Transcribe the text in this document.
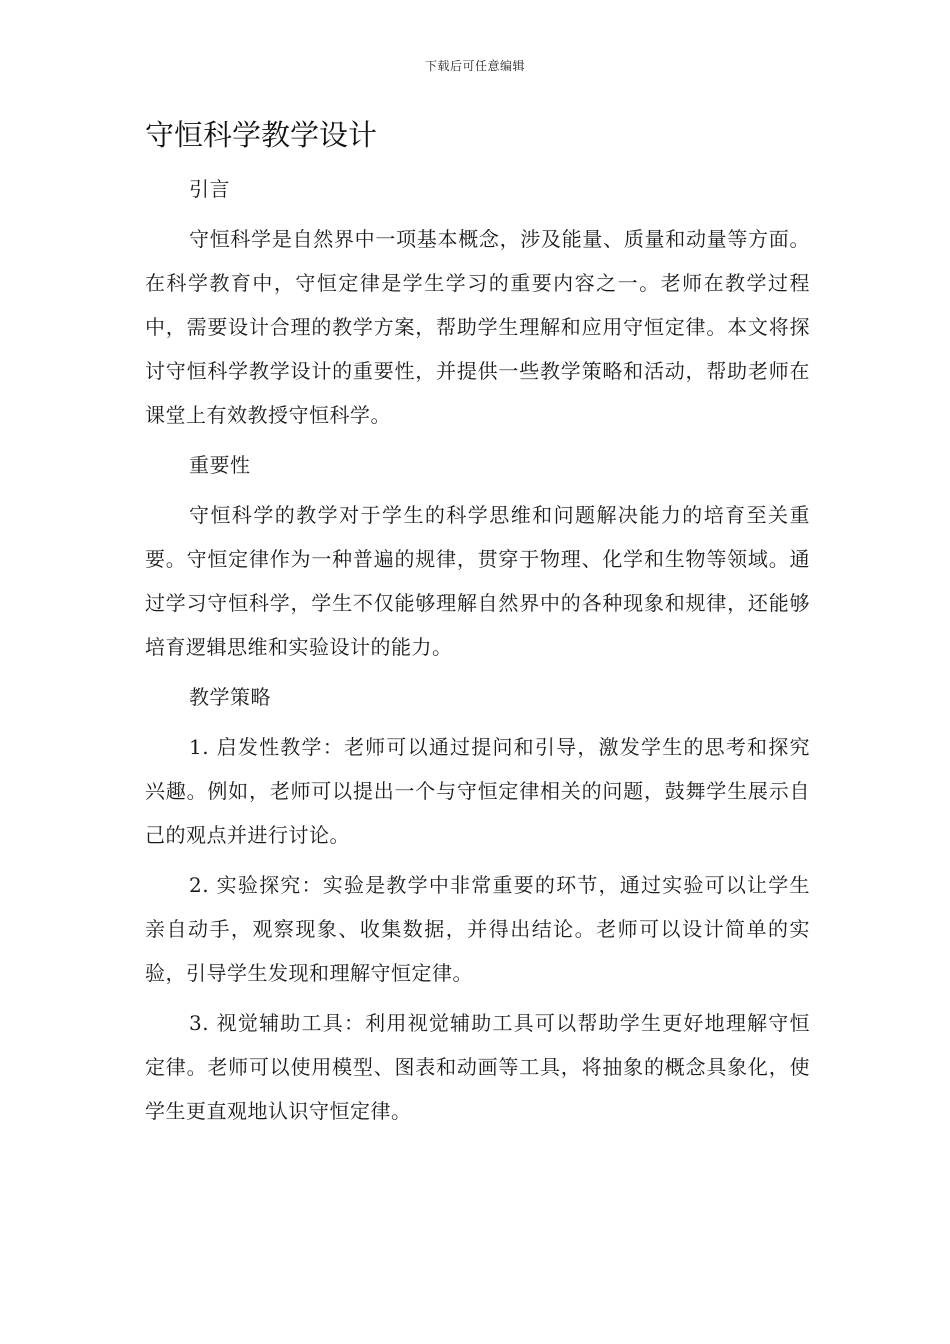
下载后可任意编辑
守恒科学教学设计

引言

守恒科学是自然界中一项基本概念，涉及能量、质量和动量等方面。在科学教育中，守恒定律是学生学习的重要内容之一。老师在教学过程中，需要设计合理的教学方案，帮助学生理解和应用守恒定律。本文将探讨守恒科学教学设计的重要性，并提供一些教学策略和活动，帮助老师在课堂上有效教授守恒科学。

重要性

守恒科学的教学对于学生的科学思维和问题解决能力的培育至关重要。守恒定律作为一种普遍的规律，贯穿于物理、化学和生物等领域。通过学习守恒科学，学生不仅能够理解自然界中的各种现象和规律，还能够培育逻辑思维和实验设计的能力。

教学策略

1. 启发性教学：老师可以通过提问和引导，激发学生的思考和探究兴趣。例如，老师可以提出一个与守恒定律相关的问题，鼓舞学生展示自己的观点并进行讨论。

2. 实验探究：实验是教学中非常重要的环节，通过实验可以让学生亲自动手，观察现象、收集数据，并得出结论。老师可以设计简单的实验，引导学生发现和理解守恒定律。

3. 视觉辅助工具：利用视觉辅助工具可以帮助学生更好地理解守恒定律。老师可以使用模型、图表和动画等工具，将抽象的概念具象化，使学生更直观地认识守恒定律。
